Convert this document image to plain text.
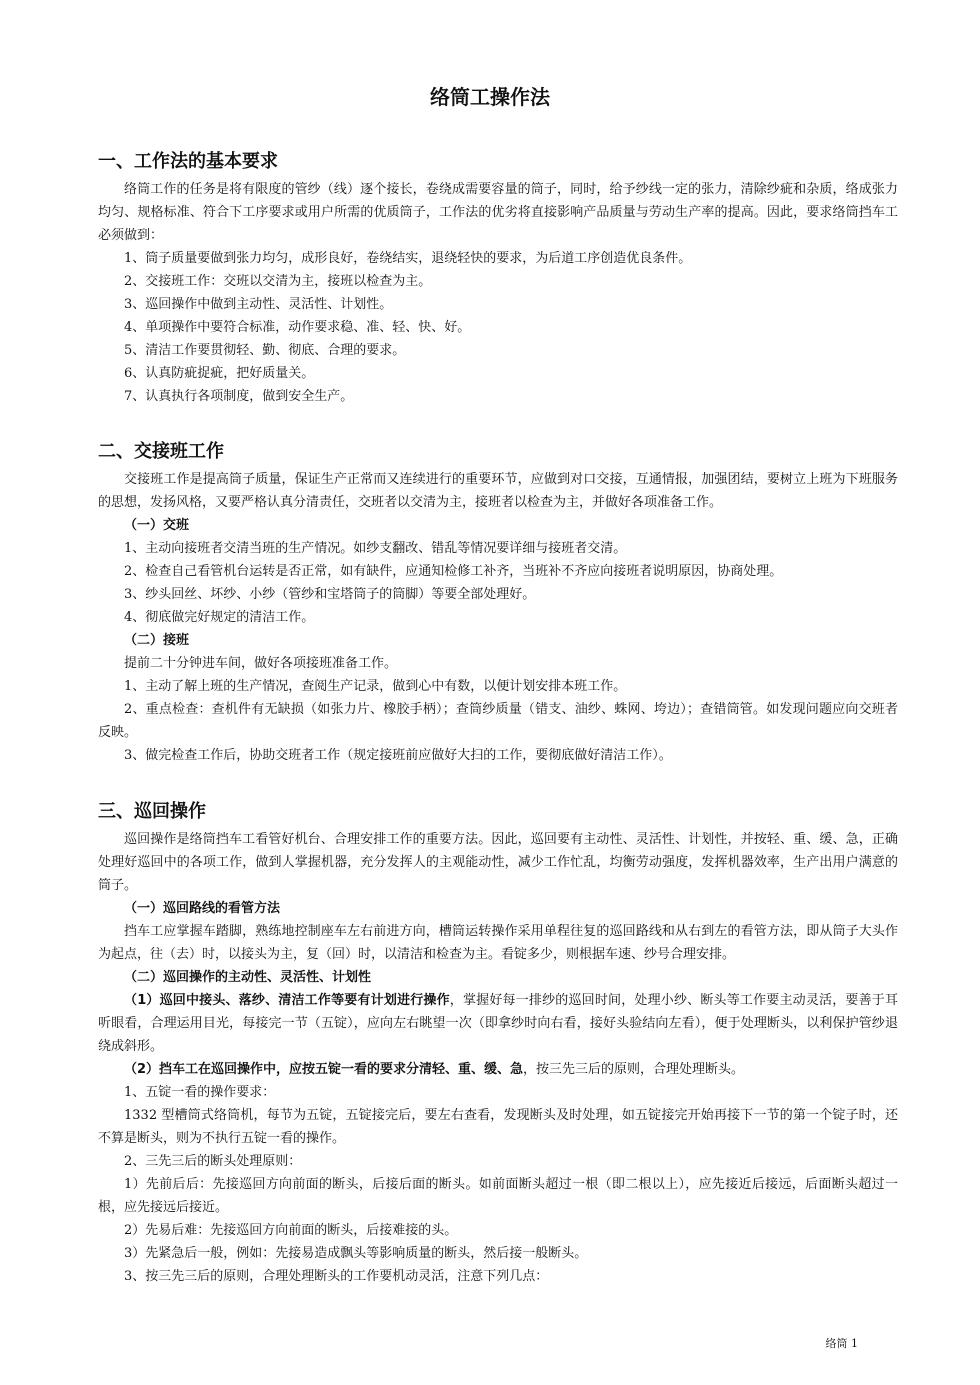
络筒工操作法
一、工作法的基本要求

络筒工作的任务是将有限度的管纱（线）逐个接长，卷绕成需要容量的筒子，同时，给予纱线一定的张力，清除纱疵和杂质，络成张力均匀、规格标准、符合下工序要求或用户所需的优质筒子，工作法的优劣将直接影响产品质量与劳动生产率的提高。因此，要求络筒挡车工必须做到：

1、筒子质量要做到张力均匀，成形良好，卷绕结实，退绕轻快的要求，为后道工序创造优良条件。

2、交接班工作：交班以交清为主，接班以检查为主。

3、巡回操作中做到主动性、灵活性、计划性。

4、单项操作中要符合标准，动作要求稳、准、轻、快、好。

5、清洁工作要贯彻轻、勤、彻底、合理的要求。

6、认真防疵捉疵，把好质量关。

7、认真执行各项制度，做到安全生产。

二、交接班工作

交接班工作是提高筒子质量，保证生产正常而又连续进行的重要环节，应做到对口交接，互通情报，加强团结，要树立上班为下班服务的思想，发扬风格，又要严格认真分清责任，交班者以交清为主，接班者以检查为主，并做好各项准备工作。

（一）交班

1、主动向接班者交清当班的生产情况。如纱支翻改、错乱等情况要详细与接班者交清。

2、检查自己看管机台运转是否正常，如有缺件，应通知检修工补齐，当班补不齐应向接班者说明原因，协商处理。

3、纱头回丝、坏纱、小纱（管纱和宝塔筒子的筒脚）等要全部处理好。

4、彻底做完好规定的清洁工作。

（二）接班

提前二十分钟进车间，做好各项接班准备工作。

1、主动了解上班的生产情况，查阅生产记录，做到心中有数，以便计划安排本班工作。

2、重点检查：查机件有无缺损（如张力片、橡胶手柄）；查筒纱质量（错支、油纱、蛛网、垮边）；查错筒管。如发现问题应向交班者反映。

3、做完检查工作后，协助交班者工作（规定接班前应做好大扫的工作，要彻底做好清洁工作）。

三、巡回操作

巡回操作是络筒挡车工看管好机台、合理安排工作的重要方法。因此，巡回要有主动性、灵活性、计划性，并按轻、重、缓、急，正确处理好巡回中的各项工作，做到人掌握机器，充分发挥人的主观能动性，减少工作忙乱，均衡劳动强度，发挥机器效率，生产出用户满意的筒子。

（一）巡回路线的看管方法

挡车工应掌握车踏脚，熟练地控制座车左右前进方向，槽筒运转操作采用单程往复的巡回路线和从右到左的看管方法，即从筒子大头作为起点，往（去）时，以接头为主，复（回）时，以清洁和检查为主。看锭多少，则根据车速、纱号合理安排。

（二）巡回操作的主动性、灵活性、计划性

（1）巡回中接头、落纱、清洁工作等要有计划进行操作，掌握好每一排纱的巡回时间，处理小纱、断头等工作要主动灵活，要善于耳听眼看，合理运用目光，每接完一节（五锭），应向左右眺望一次（即拿纱时向右看，接好头验结向左看），便于处理断头，以利保护管纱退绕成斜形。

（2）挡车工在巡回操作中，应按五锭一看的要求分清轻、重、缓、急，按三先三后的原则，合理处理断头。

1、五锭一看的操作要求：

1332 型槽筒式络筒机，每节为五锭，五锭接完后，要左右查看，发现断头及时处理，如五锭接完开始再接下一节的第一个锭子时，还不算是断头，则为不执行五锭一看的操作。

2、三先三后的断头处理原则：

1）先前后后：先接巡回方向前面的断头，后接后面的断头。如前面断头超过一根（即二根以上），应先接近后接远，后面断头超过一根，应先接远后接近。

2）先易后难：先接巡回方向前面的断头，后接难接的头。

3）先紧急后一般，例如：先接易造成飘头等影响质量的断头，然后接一般断头。

3、按三先三后的原则，合理处理断头的工作要机动灵活，注意下列几点：

络筒 1
